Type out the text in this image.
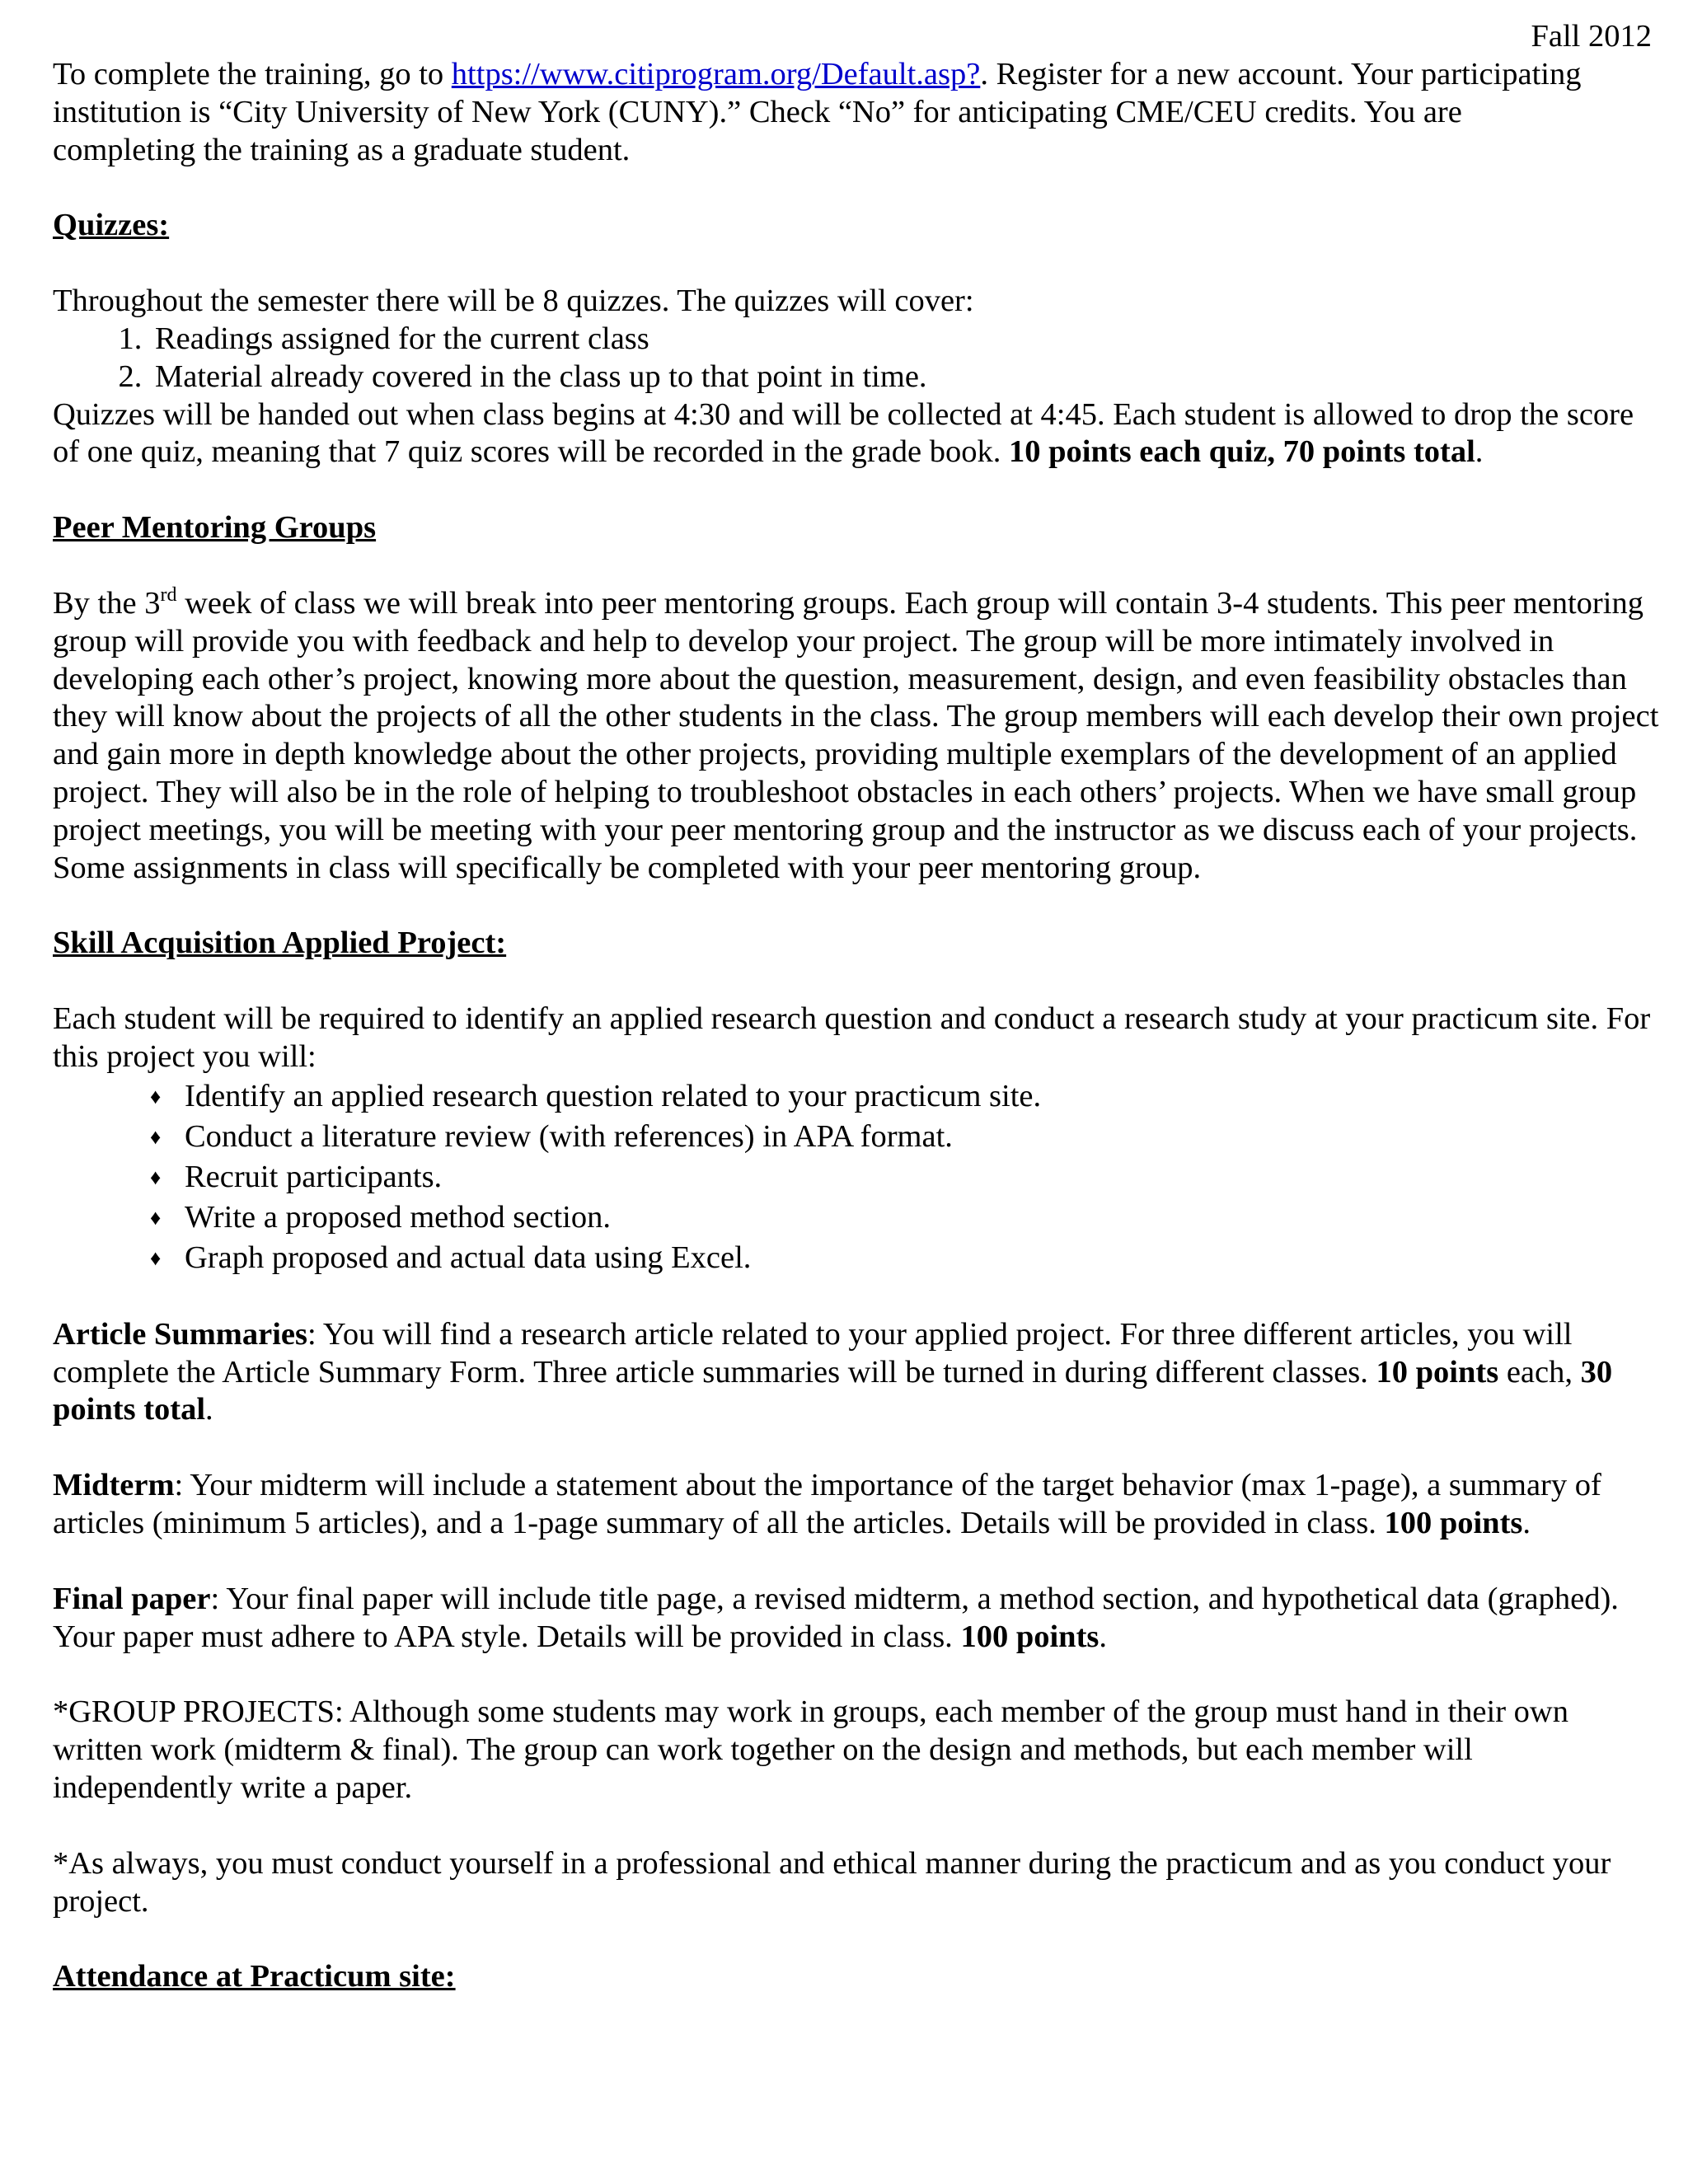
Fall 2012

To complete the training, go to https://www.citiprogram.org/Default.asp?. Register for a new account. Your participating institution is “City University of New York (CUNY).” Check “No” for anticipating CME/CEU credits. You are completing the training as a graduate student.

Quizzes:

Throughout the semester there will be 8 quizzes. The quizzes will cover:

1. Readings assigned for the current class
2. Material already covered in the class up to that point in time.

Quizzes will be handed out when class begins at 4:30 and will be collected at 4:45. Each student is allowed to drop the score of one quiz, meaning that 7 quiz scores will be recorded in the grade book. 10 points each quiz, 70 points total.

Peer Mentoring Groups

By the 3rd week of class we will break into peer mentoring groups. Each group will contain 3-4 students. This peer mentoring group will provide you with feedback and help to develop your project. The group will be more intimately involved in developing each other’s project, knowing more about the question, measurement, design, and even feasibility obstacles than they will know about the projects of all the other students in the class. The group members will each develop their own project and gain more in depth knowledge about the other projects, providing multiple exemplars of the development of an applied project. They will also be in the role of helping to troubleshoot obstacles in each others’ projects. When we have small group project meetings, you will be meeting with your peer mentoring group and the instructor as we discuss each of your projects. Some assignments in class will specifically be completed with your peer mentoring group.

Skill Acquisition Applied Project:

Each student will be required to identify an applied research question and conduct a research study at your practicum site. For this project you will:

♦ Identify an applied research question related to your practicum site.
♦ Conduct a literature review (with references) in APA format.
♦ Recruit participants.
♦ Write a proposed method section.
♦ Graph proposed and actual data using Excel.

Article Summaries: You will find a research article related to your applied project. For three different articles, you will complete the Article Summary Form. Three article summaries will be turned in during different classes. 10 points each, 30 points total.

Midterm: Your midterm will include a statement about the importance of the target behavior (max 1-page), a summary of articles (minimum 5 articles), and a 1-page summary of all the articles. Details will be provided in class. 100 points.

Final paper: Your final paper will include title page, a revised midterm, a method section, and hypothetical data (graphed). Your paper must adhere to APA style. Details will be provided in class. 100 points.

*GROUP PROJECTS: Although some students may work in groups, each member of the group must hand in their own written work (midterm & final). The group can work together on the design and methods, but each member will independently write a paper.

*As always, you must conduct yourself in a professional and ethical manner during the practicum and as you conduct your project.

Attendance at Practicum site:
